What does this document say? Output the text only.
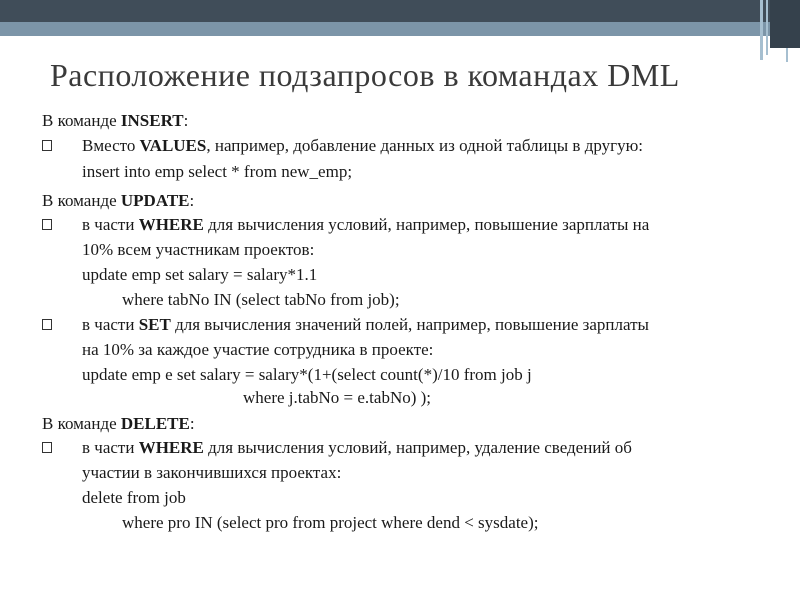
Расположение подзапросов в командах DML
В команде INSERT:
Вместо VALUES, например, добавление данных из одной таблицы в другую:
insert into emp select * from new_emp;
В команде UPDATE:
в части WHERE для вычисления условий, например, повышение зарплаты на
10% всем участникам проектов:
update emp set salary = salary*1.1
where tabNo IN (select tabNo from job);
в части SET для вычисления значений полей, например, повышение зарплаты
на 10% за каждое участие сотрудника в проекте:
update emp e set salary = salary*(1+(select count(*)/10 from job j
where j.tabNo = e.tabNo) );
В команде DELETE:
в части WHERE для вычисления условий, например, удаление сведений об
участии в закончившихся проектах:
delete from job
where pro IN (select pro from project where dend < sysdate);
